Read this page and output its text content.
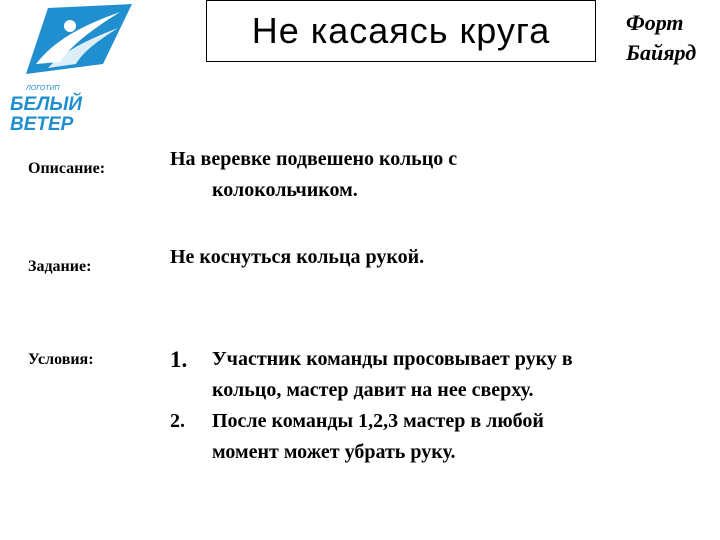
ЛОГОТИП
БЕЛЫЙ
ВЕТЕР
Не касаясь круга	Форт
Байярд
Описание:	На веревке подвешено кольцо с
колокольчиком.
Задание:	Не коснуться кольца рукой.
Условия:	1.	Участник команды просовывает руку в
кольцо, мастер давит на нее сверху.
2.	После команды 1,2,3 мастер в любой
момент может убрать руку.
